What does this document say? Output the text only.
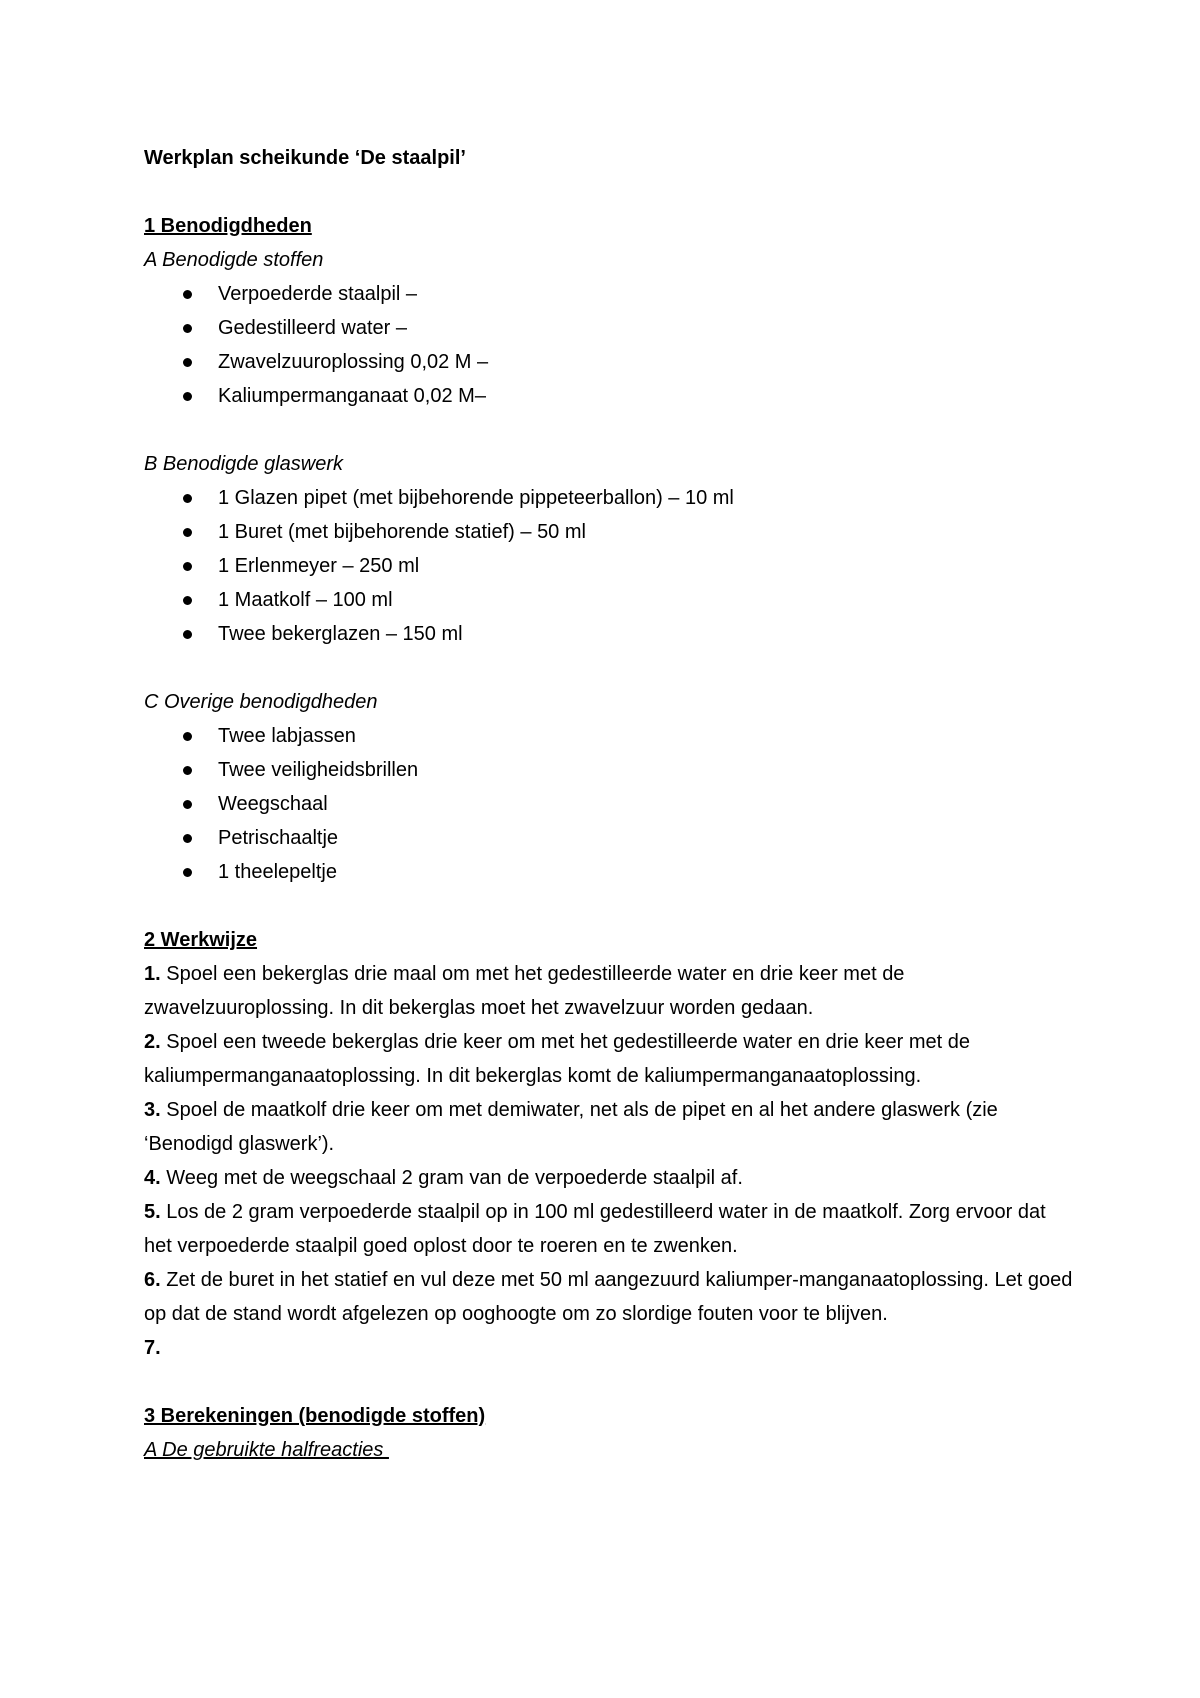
Werkplan scheikunde ‘De staalpil’
1 Benodigdheden
A Benodigde stoffen
Verpoederde staalpil –
Gedestilleerd water –
Zwavelzuuroplossing 0,02 M –
Kaliumpermanganaat 0,02 M–
B Benodigde glaswerk
1 Glazen pipet (met bijbehorende pippeteerballon) – 10 ml
1 Buret (met bijbehorende statief) – 50 ml
1 Erlenmeyer – 250 ml
1 Maatkolf – 100 ml
Twee bekerglazen – 150 ml
C Overige benodigdheden
Twee labjassen
Twee veiligheidsbrillen
Weegschaal
Petrischaaltje
1 theelepeltje
2 Werkwijze
1. Spoel een bekerglas drie maal om met het gedestilleerde water en drie keer met de zwavelzuuroplossing. In dit bekerglas moet het zwavelzuur worden gedaan.
2. Spoel een tweede bekerglas drie keer om met het gedestilleerde water en drie keer met de kaliumpermanganaatoplossing. In dit bekerglas komt de kaliumpermanganaatoplossing.
3. Spoel de maatkolf drie keer om met demiwater, net als de pipet en al het andere glaswerk (zie ‘Benodigd glaswerk’).
4. Weeg met de weegschaal 2 gram van de verpoederde staalpil af.
5. Los de 2 gram verpoederde staalpil op in 100 ml gedestilleerd water in de maatkolf. Zorg ervoor dat het verpoederde staalpil goed oplost door te roeren en te zwenken.
6. Zet de buret in het statief en vul deze met 50 ml aangezuurd kaliumper-manganaatoplossing. Let goed op dat de stand wordt afgelezen op ooghoogte om zo slordige fouten voor te blijven.
7.
3 Berekeningen (benodigde stoffen)
A De gebruikte halfreacties
